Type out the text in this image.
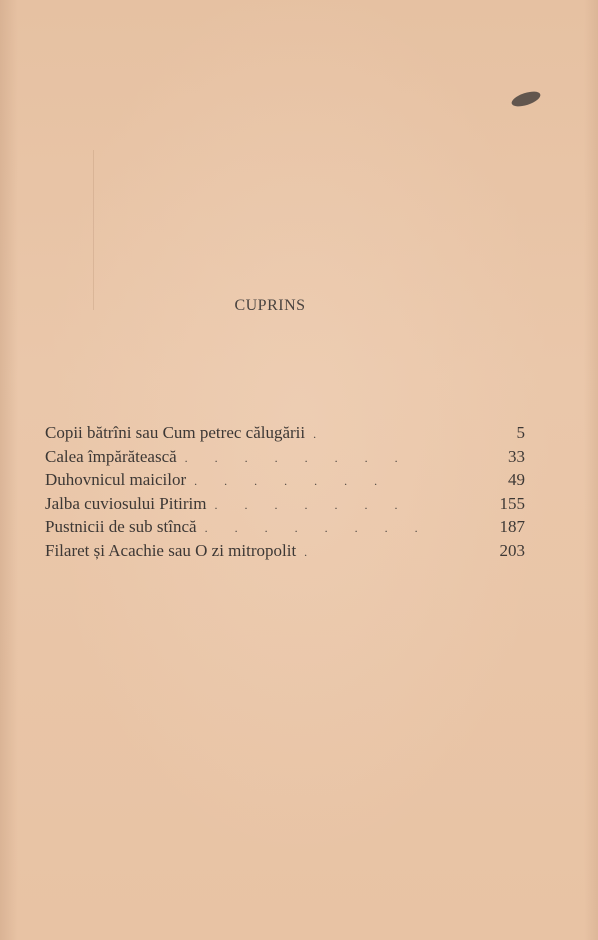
CUPRINS
Copii bătrîni sau Cum petrec călugării .	5
Calea împărătească . . . . . . . .	33
Duhovnicul maicilor . . . . . . .	49
Jalba cuviosului Pitirim . . . . . . .	155
Pustnicii de sub stîncă . . . . . . . .	187
Filaret și Acachie sau O zi mitropolit .	203
